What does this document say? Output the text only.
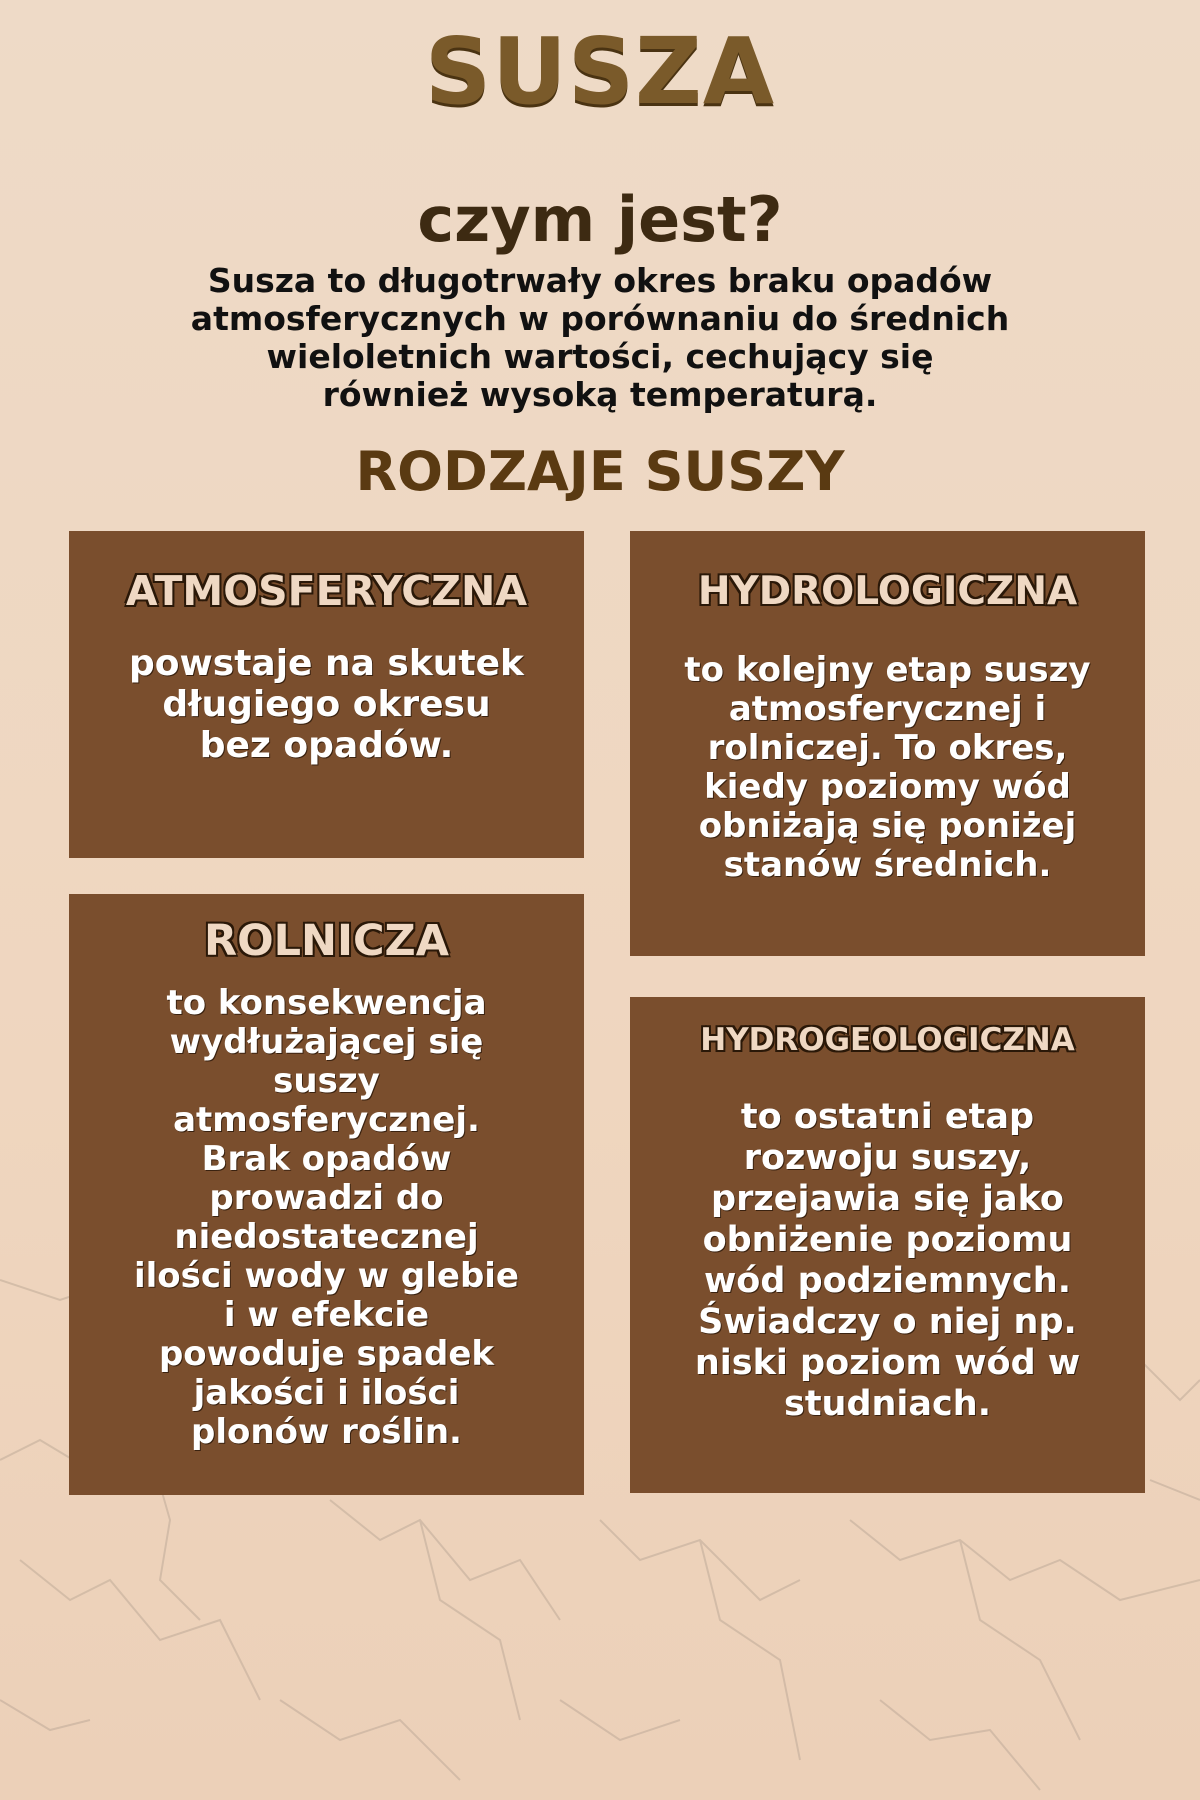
SUSZA
czym jest?

Susza to długotrwały okres braku opadów
atmosferycznych w porównaniu do średnich
wieloletnich wartości, cechujący się
również wysoką temperaturą.

RODZAJE SUSZY
ATMOSFERYCZNA

powstaje na skutek
długiego okresu
bez opadów.

HYDROLOGICZNA

to kolejny etap suszy
atmosferycznej i
rolniczej. To okres,
kiedy poziomy wód
obniżają się poniżej
stanów średnich.

ROLNICZA

to konsekwencja
wydłużającej się
suszy
atmosferycznej.
Brak opadów
prowadzi do
niedostatecznej
ilości wody w glebie
i w efekcie
powoduje spadek
jakości i ilości
plonów roślin.

HYDROGEOLOGICZNA

to ostatni etap
rozwoju suszy,
przejawia się jako
obniżenie poziomu
wód podziemnych.
Świadczy o niej np.
niski poziom wód w
studniach.
